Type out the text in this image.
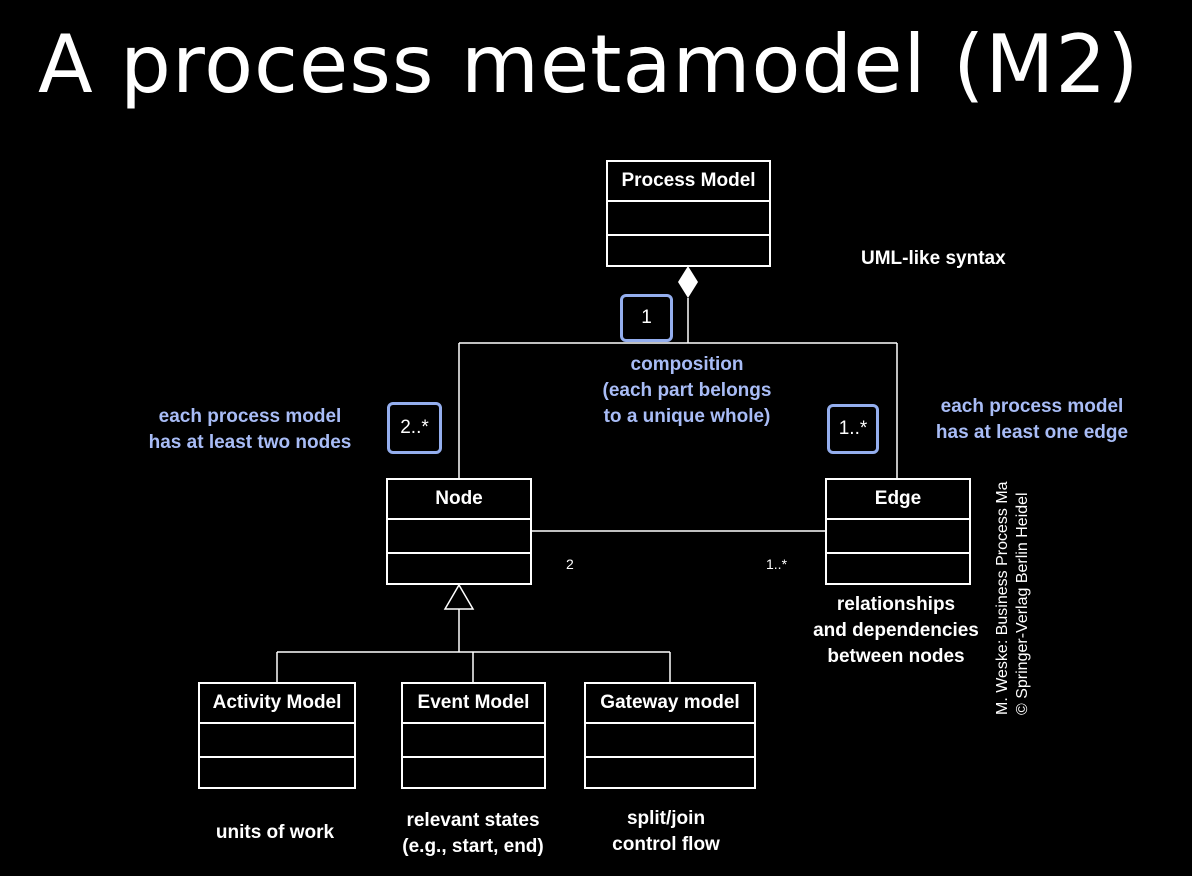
A process metamodel (M2)
Process Model
Node	Edge
Activity Model	Event Model	Gateway model
1
2..*	1..*
2	1..*
UML-like syntax
composition
(each part belongs
to a unique whole)
each process model
has at least two nodes
each process model
has at least one edge
relationships
and dependencies
between nodes
units of work
relevant states
(e.g., start, end)
split/join
control flow
M. Weske: Business Process Ma © Springer-Verlag Berlin Heidel
